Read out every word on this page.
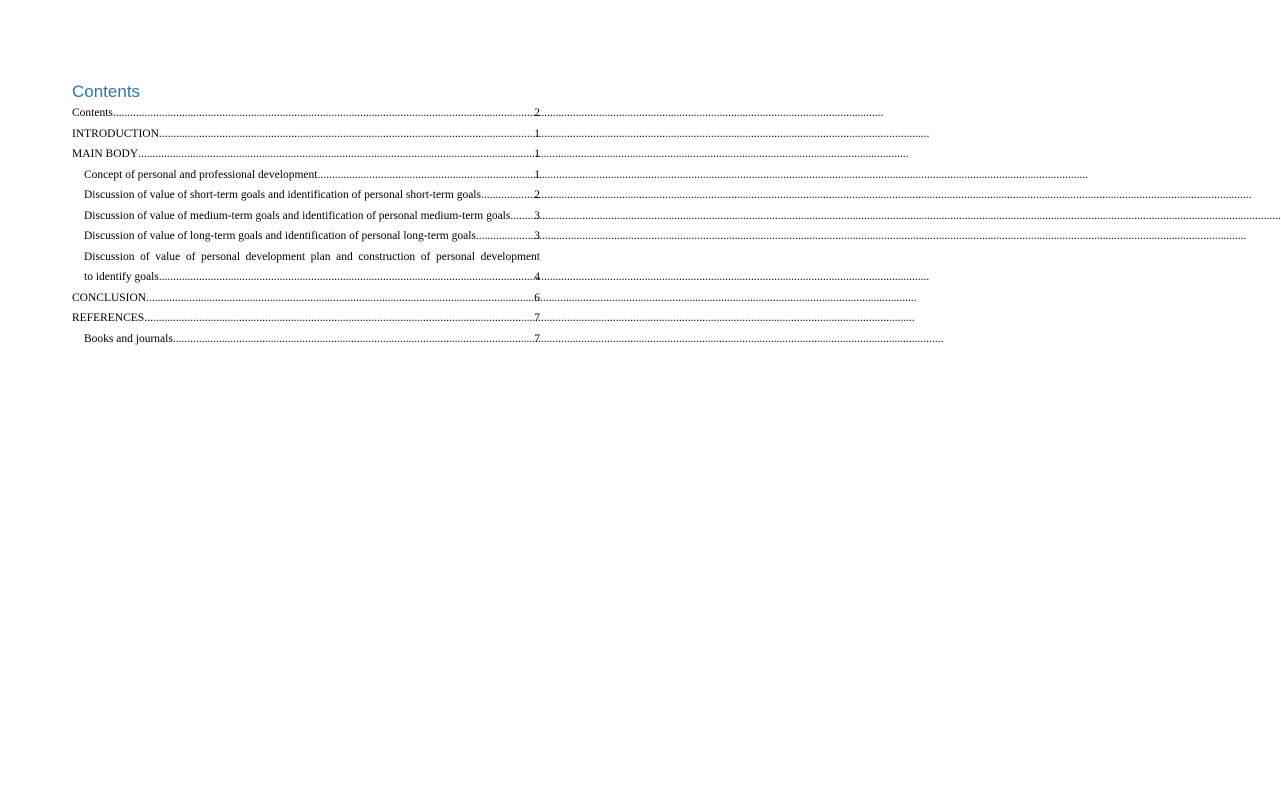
Contents
Contents .....	2
INTRODUCTION .....	1
MAIN BODY .....	1
Concept of personal and professional development .....	1
Discussion of value of short-term goals and identification of personal short-term goals .....	2
Discussion of value of medium-term goals and identification of personal medium-term goals ..... 3
Discussion of value of long-term goals and identification of personal long-term goals .....	3
Discussion of value of personal development plan and construction of personal development
to identify goals .....	4
CONCLUSION .....	6
REFERENCES .....	7
Books and journals .....	7
